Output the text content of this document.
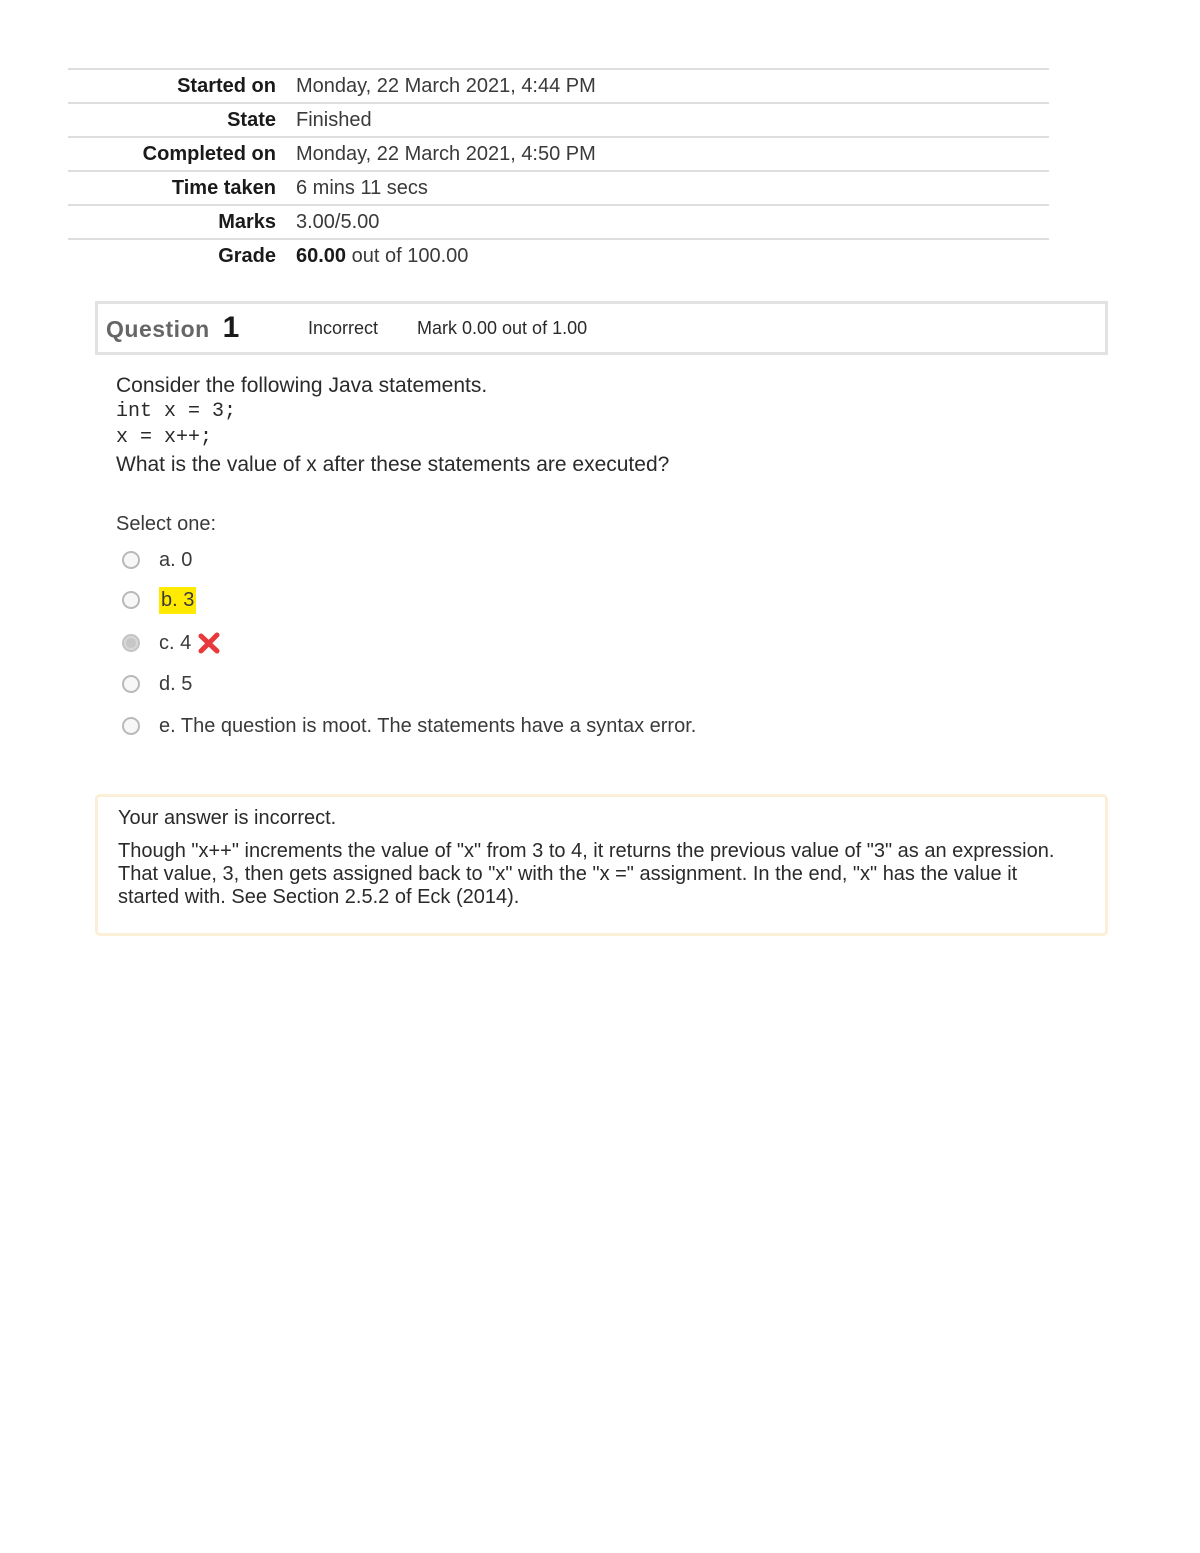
Started on	Monday, 22 March 2021, 4:44 PM
State	Finished
Completed on	Monday, 22 March 2021, 4:50 PM
Time taken	6 mins 11 secs
Marks	3.00/5.00
Grade	60.00 out of 100.00
Question 1	Incorrect	Mark 0.00 out of 1.00
Consider the following Java statements.
int x = 3;
x = x++;
What is the value of x after these statements are executed?
Select one:
a. 0
b. 3
c. 4
d. 5
e. The question is moot. The statements have a syntax error.
Your answer is incorrect.
Though "x++" increments the value of "x" from 3 to 4, it returns the previous value of "3" as an expression. That value, 3, then gets assigned back to "x" with the "x =" assignment. In the end, "x" has the value it started with. See Section 2.5.2 of Eck (2014).
